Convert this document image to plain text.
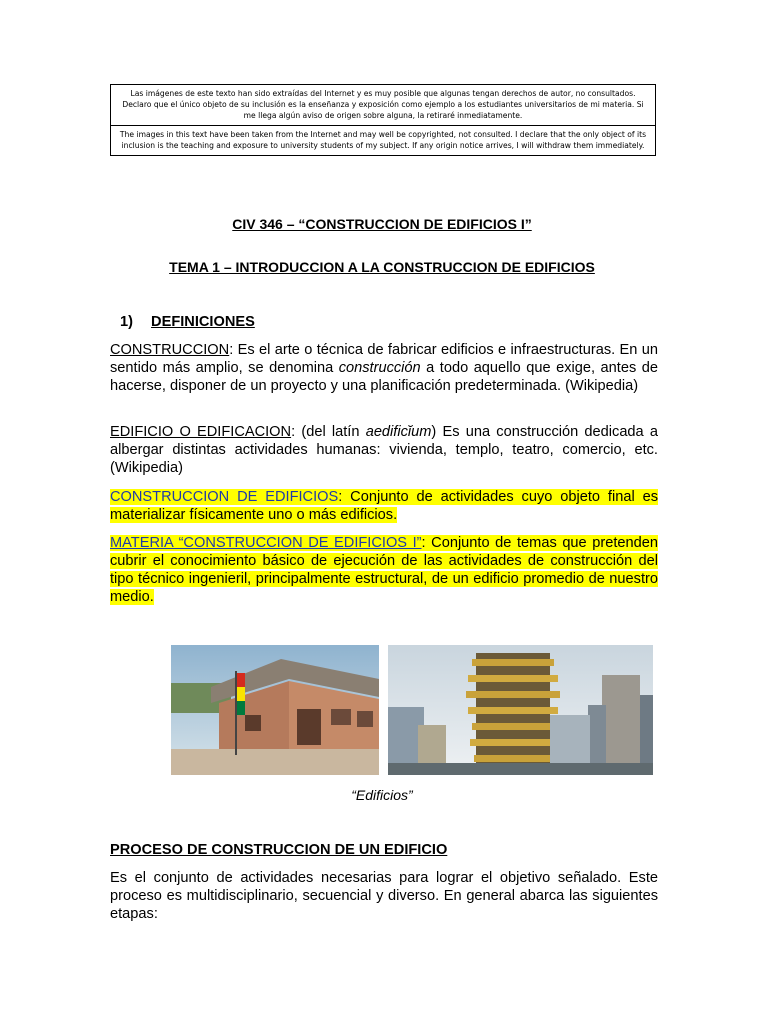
Las imágenes de este texto han sido extraídas del Internet y es muy posible que algunas tengan derechos de autor, no consultados. Declaro que el único objeto de su inclusión es la enseñanza y exposición como ejemplo a los estudiantes universitarios de mi materia. Si me llega algún aviso de origen sobre alguna, la retiraré inmediatamente.
The images in this text have been taken from the Internet and may well be copyrighted, not consulted. I declare that the only object of its inclusion is the teaching and exposure to university students of my subject. If any origin notice arrives, I will withdraw them immediately.
CIV 346 – “CONSTRUCCION DE EDIFICIOS I”
TEMA 1 – INTRODUCCION A LA CONSTRUCCION DE EDIFICIOS
1) DEFINICIONES
CONSTRUCCION: Es el arte o técnica de fabricar edificios e infraestructuras. En un sentido más amplio, se denomina construcción a todo aquello que exige, antes de hacerse, disponer de un proyecto y una planificación predeterminada. (Wikipedia)
EDIFICIO O EDIFICACION: (del latín aedificĭum) Es una construcción dedicada a albergar distintas actividades humanas: vivienda, templo, teatro, comercio, etc.(Wikipedia)
CONSTRUCCION DE EDIFICIOS: Conjunto de actividades cuyo objeto final es materializar físicamente uno o más edificios.
MATERIA “CONSTRUCCION DE EDIFICIOS I”: Conjunto de temas que pretenden cubrir el conocimiento básico de ejecución de las actividades de construcción del tipo técnico ingenieril, principalmente estructural, de un edificio promedio de nuestro medio.
“Edificios”
PROCESO DE CONSTRUCCION DE UN EDIFICIO
Es el conjunto de actividades necesarias para lograr el objetivo señalado. Este proceso es multidisciplinario, secuencial y diverso. En general abarca las siguientes etapas:
